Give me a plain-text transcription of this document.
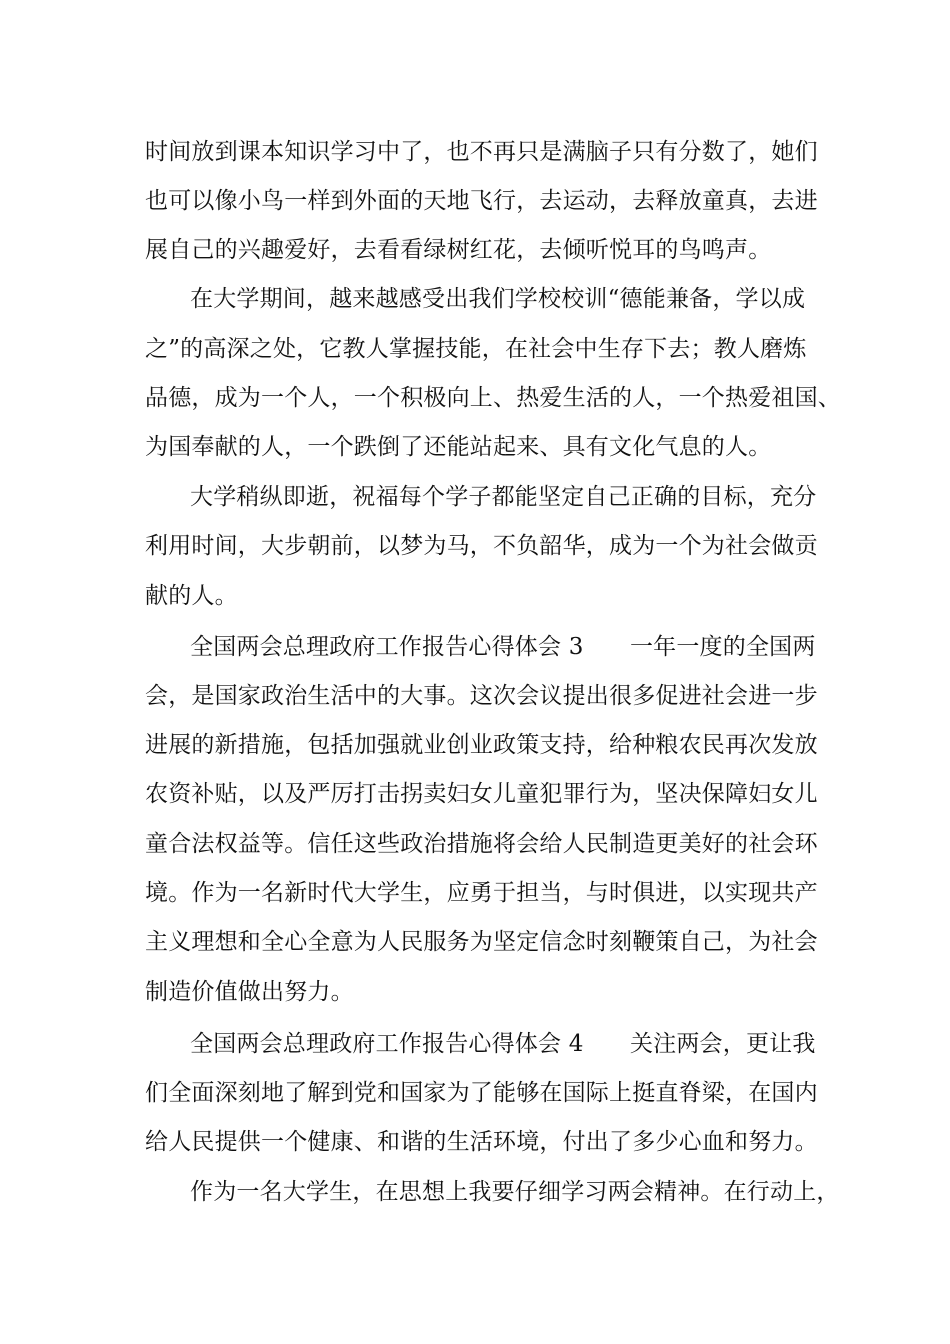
时间放到课本知识学习中了，也不再只是满脑子只有分数了，她们
也可以像小鸟一样到外面的天地飞行，去运动，去释放童真，去进
展自己的兴趣爱好，去看看绿树红花，去倾听悦耳的鸟鸣声。
在大学期间，越来越感受出我们学校校训“德能兼备，学以成
之”的高深之处，它教人掌握技能，在社会中生存下去；教人磨炼
品德，成为一个人，一个积极向上、热爱生活的人，一个热爱祖国、
为国奉献的人，一个跌倒了还能站起来、具有文化气息的人。
大学稍纵即逝，祝福每个学子都能坚定自己正确的目标，充分
利用时间，大步朝前，以梦为马，不负韶华，成为一个为社会做贡
献的人。
全国两会总理政府工作报告心得体会 3　　一年一度的全国两
会，是国家政治生活中的大事。这次会议提出很多促进社会进一步
进展的新措施，包括加强就业创业政策支持，给种粮农民再次发放
农资补贴，以及严厉打击拐卖妇女儿童犯罪行为，坚决保障妇女儿
童合法权益等。信任这些政治措施将会给人民制造更美好的社会环
境。作为一名新时代大学生，应勇于担当，与时俱进，以实现共产
主义理想和全心全意为人民服务为坚定信念时刻鞭策自己，为社会
制造价值做出努力。
全国两会总理政府工作报告心得体会 4　　关注两会，更让我
们全面深刻地了解到党和国家为了能够在国际上挺直脊梁，在国内
给人民提供一个健康、和谐的生活环境，付出了多少心血和努力。
作为一名大学生，在思想上我要仔细学习两会精神。在行动上，
